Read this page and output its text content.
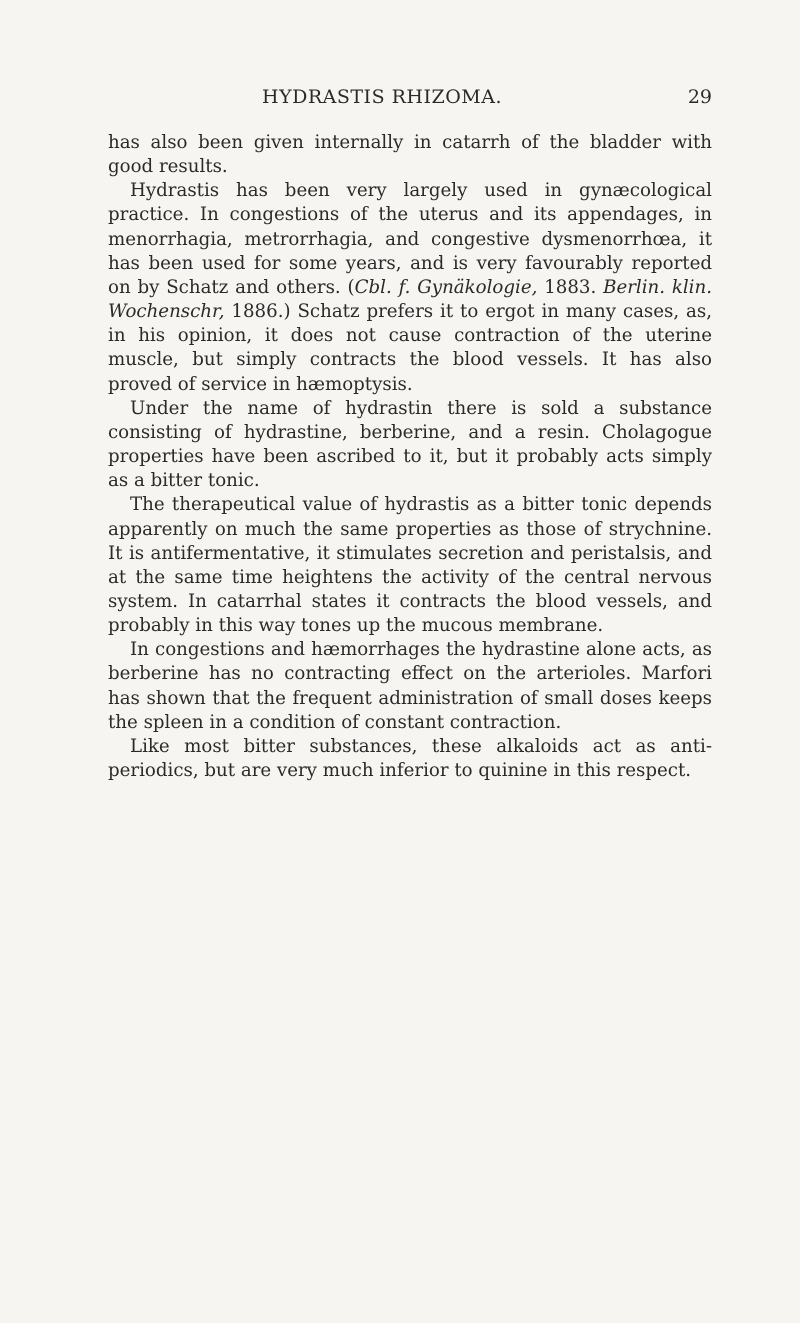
HYDRASTIS RHIZOMA.	29

has also been given internally in catarrh of the bladder with good results.

Hydrastis has been very largely used in gynæcological practice. In congestions of the uterus and its appendages, in menorrhagia, metrorrhagia, and congestive dysmenorrhœa, it has been used for some years, and is very favourably reported on by Schatz and others. (Cbl. f. Gynäkologie, 1883. Berlin. klin. Wochenschr, 1886.) Schatz prefers it to ergot in many cases, as, in his opinion, it does not cause contraction of the uterine muscle, but simply contracts the blood vessels. It has also proved of service in hæmoptysis.

Under the name of hydrastin there is sold a substance consisting of hydrastine, berberine, and a resin. Cholagogue properties have been ascribed to it, but it probably acts simply as a bitter tonic.

The therapeutical value of hydrastis as a bitter tonic depends apparently on much the same properties as those of strychnine. It is antifermentative, it stimulates secretion and peristalsis, and at the same time heightens the activity of the central nervous system. In catarrhal states it contracts the blood vessels, and probably in this way tones up the mucous membrane.

In congestions and hæmorrhages the hydrastine alone acts, as berberine has no contracting effect on the arterioles. Marfori has shown that the frequent administration of small doses keeps the spleen in a condition of constant contraction.

Like most bitter substances, these alkaloids act as anti-periodics, but are very much inferior to quinine in this respect.
